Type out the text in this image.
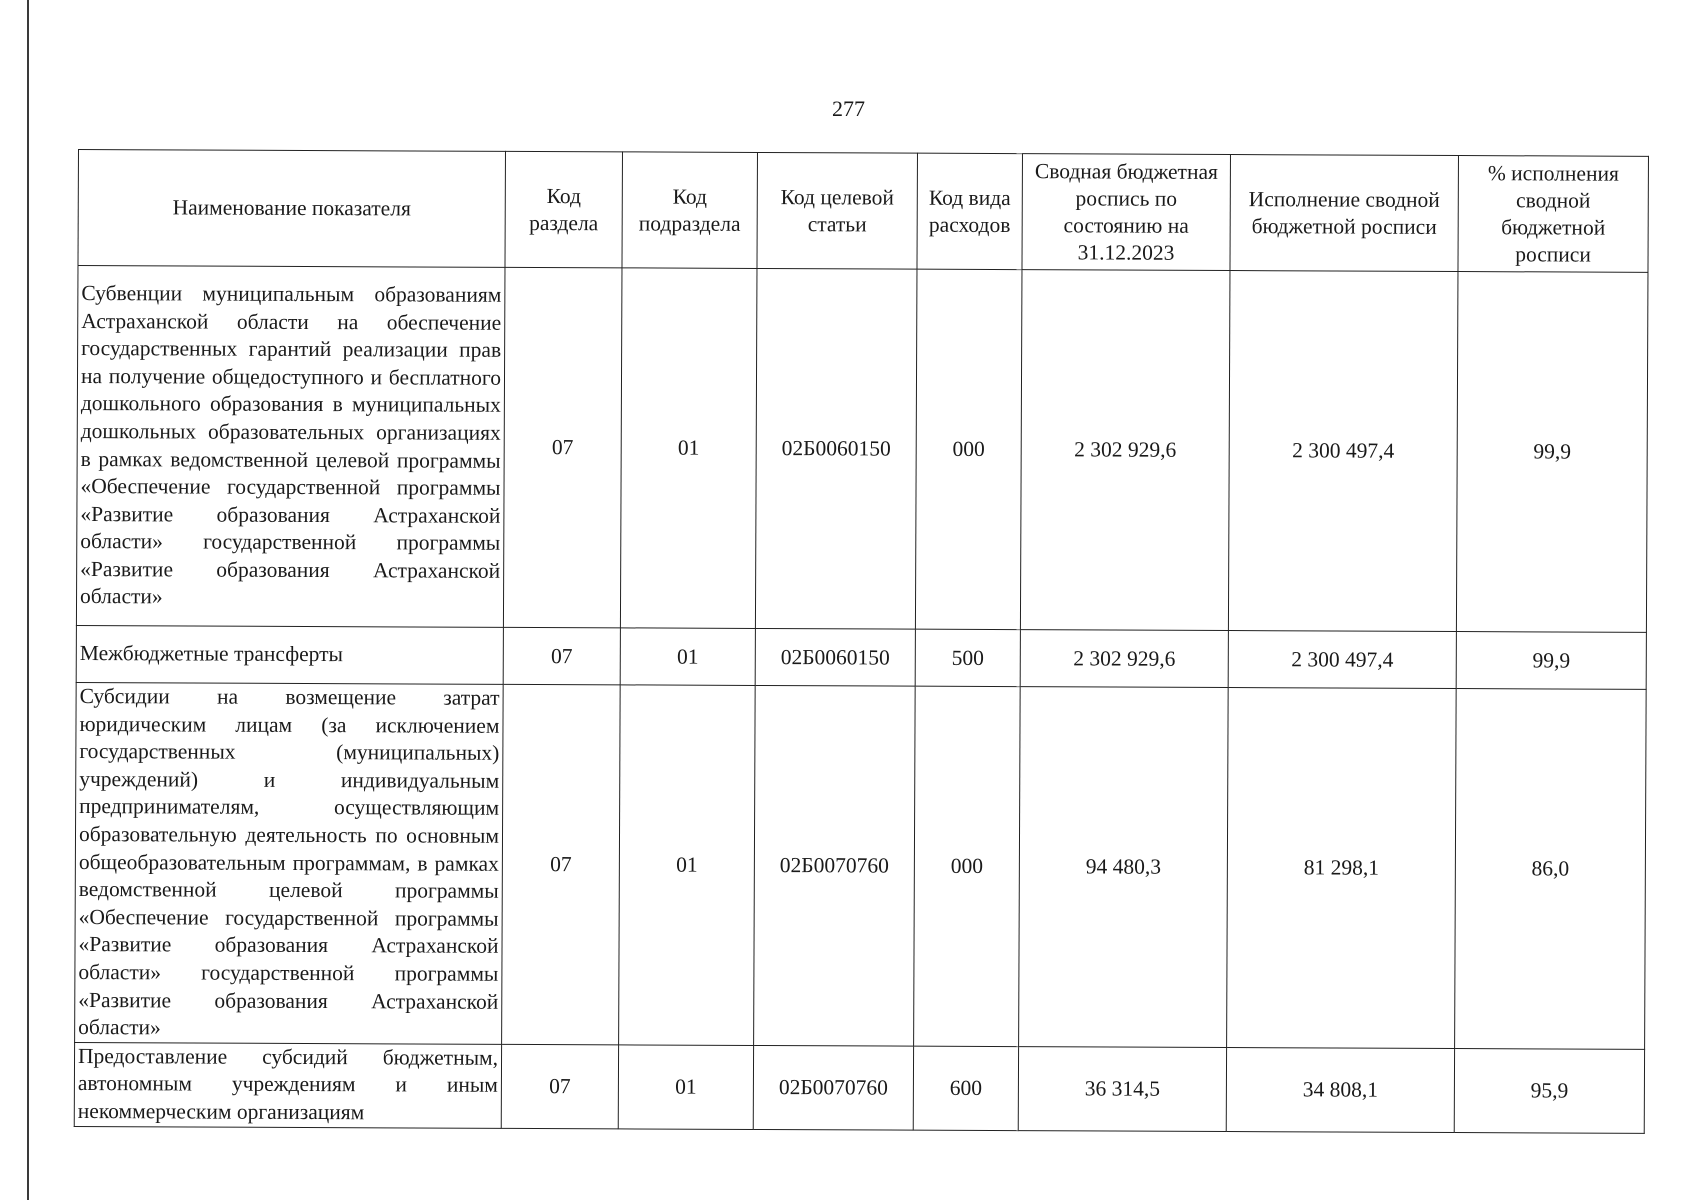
277
Наименование показателя	Код раздела	Код подраздела	Код целевой статьи	Код вида расходов	Сводная бюджетная роспись по состоянию на 31.12.2023	Исполнение сводной бюджетной росписи	% исполнения сводной бюджетной росписи
Субвенции муниципальным образованиям Астраханской области на обеспечение государственных гарантий реализации прав на получение общедоступного и бесплатного дошкольного образования в муниципальных дошкольных образовательных организациях в рамках ведомственной целевой программы «Обеспечение государственной программы «Развитие образования Астраханской области» государственной программы «Развитие образования Астраханской области»	07	01	02Б0060150	000	2 302 929,6	2 300 497,4	99,9
Межбюджетные трансферты	07	01	02Б0060150	500	2 302 929,6	2 300 497,4	99,9
Субсидии на возмещение затрат юридическим лицам (за исключением государственных (муниципальных) учреждений) и индивидуальным предпринимателям, осуществляющим образовательную деятельность по основным общеобразовательным программам, в рамках ведомственной целевой программы «Обеспечение государственной программы «Развитие образования Астраханской области» государственной программы «Развитие образования Астраханской области»	07	01	02Б0070760	000	94 480,3	81 298,1	86,0
Предоставление субсидий бюджетным, автономным учреждениям и иным некоммерческим организациям	07	01	02Б0070760	600	36 314,5	34 808,1	95,9
